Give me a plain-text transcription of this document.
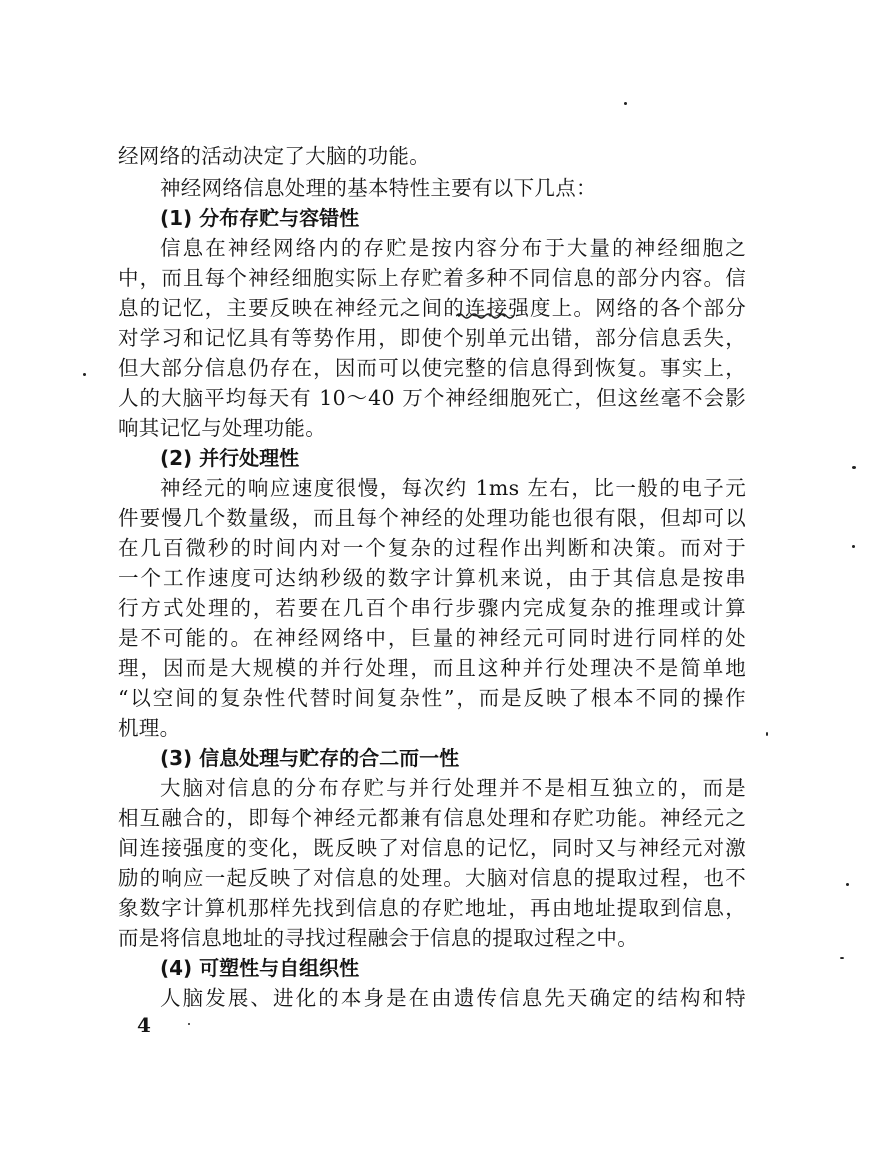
经网络的活动决定了大脑的功能。
神经网络信息处理的基本特性主要有以下几点：
(1) 分布存贮与容错性
信息在神经网络内的存贮是按内容分布于大量的神经细胞之
中，而且每个神经细胞实际上存贮着多种不同信息的部分内容。信
息的记忆，主要反映在神经元之间的连接强度上。网络的各个部分
对学习和记忆具有等势作用，即使个别单元出错，部分信息丢失，
但大部分信息仍存在，因而可以使完整的信息得到恢复。事实上，
人的大脑平均每天有 10～40 万个神经细胞死亡，但这丝毫不会影
响其记忆与处理功能。
(2) 并行处理性
神经元的响应速度很慢，每次约 1ms 左右，比一般的电子元
件要慢几个数量级，而且每个神经的处理功能也很有限，但却可以
在几百微秒的时间内对一个复杂的过程作出判断和决策。而对于
一个工作速度可达纳秒级的数字计算机来说，由于其信息是按串
行方式处理的，若要在几百个串行步骤内完成复杂的推理或计算
是不可能的。在神经网络中，巨量的神经元可同时进行同样的处
理，因而是大规模的并行处理，而且这种并行处理决不是简单地
“以空间的复杂性代替时间复杂性”，而是反映了根本不同的操作
机理。
(3) 信息处理与贮存的合二而一性
大脑对信息的分布存贮与并行处理并不是相互独立的，而是
相互融合的，即每个神经元都兼有信息处理和存贮功能。神经元之
间连接强度的变化，既反映了对信息的记忆，同时又与神经元对激
励的响应一起反映了对信息的处理。大脑对信息的提取过程，也不
象数字计算机那样先找到信息的存贮地址，再由地址提取到信息，
而是将信息地址的寻找过程融会于信息的提取过程之中。
(4) 可塑性与自组织性
人脑发展、进化的本身是在由遗传信息先天确定的结构和特
4
